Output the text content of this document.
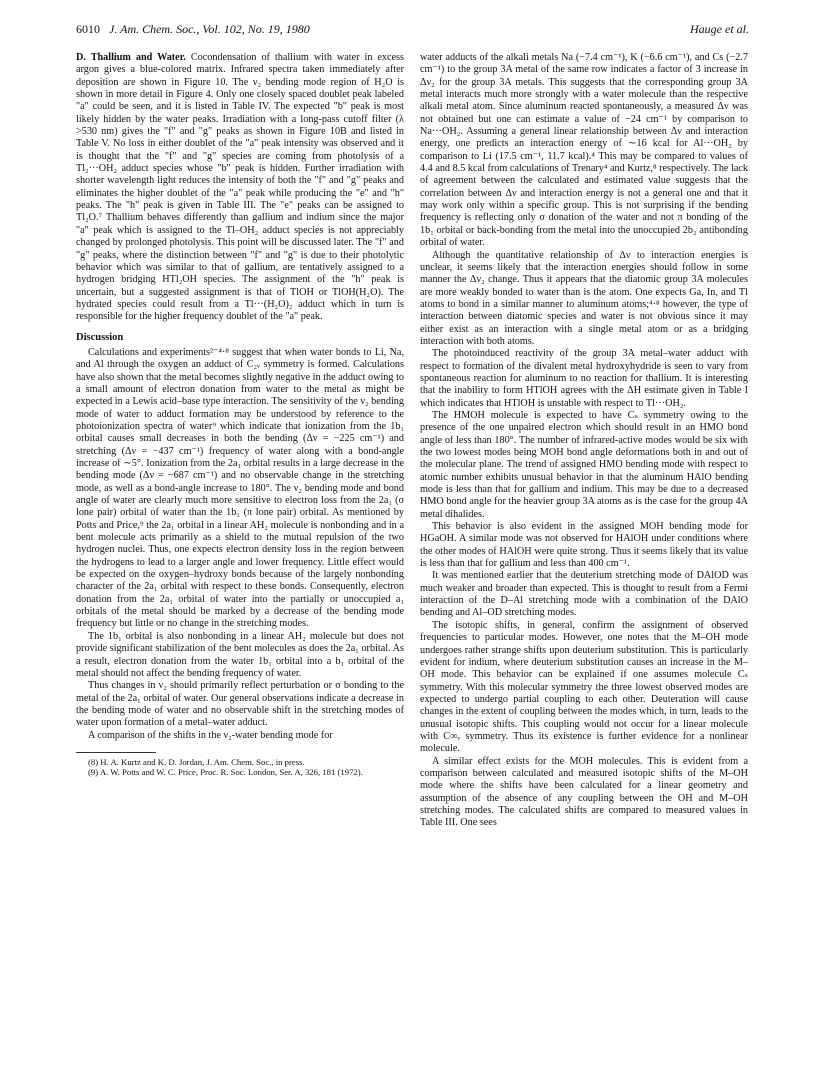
6010 J. Am. Chem. Soc., Vol. 102, No. 19, 1980	Hauge et al.

D. Thallium and Water. Cocondensation of thallium with water in excess argon gives a blue-colored matrix. Infrared spectra taken immediately after deposition are shown in Figure 10. The ν₂ bending mode region of H₂O is shown in more detail in Figure 4. Only one closely spaced doublet peak labeled "a" could be seen, and it is listed in Table IV. The expected "b" peak is most likely hidden by the water peaks. Irradiation with a long-pass cutoff filter (λ >530 nm) gives the "f" and "g" peaks as shown in Figure 10B and listed in Table V. No loss in either doublet of the "a" peak intensity was observed and it is thought that the "f" and "g" species are coming from photolysis of a Tl₂···OH₂ adduct species whose "b" peak is hidden. Further irradiation with shorter wavelength light reduces the intensity of both the "f" and "g" peaks and eliminates the higher doublet of the "a" peak while producing the "e" and "h" peaks. The "h" peak is given in Table III. The "e" peaks can be assigned to Tl₂O.⁷ Thallium behaves differently than gallium and indium since the major "a" peak which is assigned to the Tl–OH₂ adduct species is not appreciably changed by prolonged photolysis. This point will be discussed later. The "f" and "g" peaks, where the distinction between "f" and "g" is due to their photolytic behavior which was similar to that of gallium, are tentatively assigned to a hydrogen bridging HTl₂OH species. The assignment of the "h" peak is uncertain, but a suggested assignment is that of TlOH or TlOH(H₂O). The hydrated species could result from a Tl···(H₂O)₂ adduct which in turn is responsible for the higher frequency doublet of the "a" peak.

Discussion

Calculations and experiments²⁻⁴·⁸ suggest that when water bonds to Li, Na, and Al through the oxygen an adduct of C₂ᵥ symmetry is formed. Calculations have also shown that the metal becomes slightly negative in the adduct owing to a small amount of electron donation from water to the metal as might be expected in a Lewis acid–base type interaction. The sensitivity of the ν₂ bending mode of water to adduct formation may be understood by reference to the photoionization spectra of water⁹ which indicate that ionization from the 1b₁ orbital causes small decreases in both the bending (Δν = −225 cm⁻¹) and stretching (Δν = −437 cm⁻¹) frequency of water along with a bond-angle increase of ∼5°. Ionization from the 2a₁ orbital results in a large decrease in the bending mode (Δν = −687 cm⁻¹) and no observable change in the stretching mode, as well as a bond-angle increase to 180°. The ν₂ bending mode and bond angle of water are clearly much more sensitive to electron loss from the 2a₁ (σ lone pair) orbital of water than the 1b₁ (π lone pair) orbital. As mentioned by Potts and Price,⁹ the 2a₁ orbital in a linear AH₂ molecule is nonbonding and in a bent molecule acts primarily as a shield to the mutual repulsion of the two hydrogen nuclei. Thus, one expects electron density loss in the region between the hydrogens to lead to a larger angle and lower frequency. Little effect would be expected on the oxygen–hydroxy bonds because of the largely nonbonding character of the 2a₁ orbital with respect to these bonds. Consequently, electron donation from the 2a₁ orbital of water into the partially or unoccupied a₁ orbitals of the metal should be marked by a decrease of the bending mode frequency but little or no change in the stretching modes.

The 1b₁ orbital is also nonbonding in a linear AH₂ molecule but does not provide significant stabilization of the bent molecules as does the 2a₁ orbital. As a result, electron donation from the water 1b₁ orbital into a b₁ orbital of the metal should not affect the bending frequency of water.

Thus changes in ν₂ should primarily reflect perturbation or σ bonding to the metal of the 2a₁ orbital of water. Our general observations indicate a decrease in the bending mode of water and no observable shift in the stretching modes of water upon formation of a metal–water adduct.

A comparison of the shifts in the ν₂-water bending mode for

(8) H. A. Kurtz and K. D. Jordan, J. Am. Chem. Soc., in press.

(9) A. W. Potts and W. C. Price, Proc. R. Soc. London, Ser. A, 326, 181 (1972).

water adducts of the alkali metals Na (−7.4 cm⁻¹), K (−6.6 cm⁻¹), and Cs (−2.7 cm⁻¹) to the group 3A metal of the same row indicates a factor of 3 increase in Δν₂ for the group 3A metals. This suggests that the corresponding group 3A metal interacts much more strongly with a water molecule than the respective alkali metal atom. Since aluminum reacted spontaneously, a measured Δν was not obtained but one can estimate a value of −24 cm⁻¹ by comparison to Na···OH₂. Assuming a general linear relationship between Δν and interaction energy, one predicts an interaction energy of ∼16 kcal for Al···OH₂ by comparison to Li (17.5 cm⁻¹, 11.7 kcal).⁴ This may be compared to values of 4.4 and 8.5 kcal from calculations of Trenary⁴ and Kurtz,⁸ respectively. The lack of agreement between the calculated and estimated value suggests that the correlation between Δν and interaction energy is not a general one and that it may work only within a specific group. This is not surprising if the bending frequency is reflecting only σ donation of the water and not π bonding of the 1b₁ orbital or back-bonding from the metal into the unoccupied 2b₂ antibonding orbital of water.

Although the quantitative relationship of Δν to interaction energies is unclear, it seems likely that the interaction energies should follow in some manner the Δν₂ change. Thus it appears that the diatomic group 3A molecules are more weakly bonded to water than is the atom. One expects Ga, In, and Tl atoms to bond in a similar manner to aluminum atoms;⁴·⁸ however, the type of interaction between diatomic species and water is not obvious since it may either exist as an interaction with a single metal atom or as a bridging interaction with both atoms.

The photoinduced reactivity of the group 3A metal–water adduct with respect to formation of the divalent metal hydroxyhydride is seen to vary from spontaneous reaction for aluminum to no reaction for thallium. It is interesting that the inability to form HTlOH agrees with the ΔH estimate given in Table I which indicates that HTlOH is unstable with respect to Tl···OH₂.

The HMOH molecule is expected to have Cₛ symmetry owing to the presence of the one unpaired electron which should result in an HMO bond angle of less than 180°. The number of infrared-active modes would be six with the two lowest modes being MOH bond angle deformations both in and out of the molecular plane. The trend of assigned HMO bending mode with respect to atomic number exhibits unusual behavior in that the aluminum HAlO bending mode is less than that for gallium and indium. This may be due to a decreased HMO bond angle for the heavier group 3A atoms as is the case for the group 4A metal dihalides.

This behavior is also evident in the assigned MOH bending mode for HGaOH. A similar mode was not observed for HAlOH under conditions where the other modes of HAlOH were quite strong. Thus it seems likely that its value is less than that for gallium and less than 400 cm⁻¹.

It was mentioned earlier that the deuterium stretching mode of DAlOD was much weaker and broader than expected. This is thought to result from a Fermi interaction of the D–Al stretching mode with a combination of the DAlO bending and Al–OD stretching modes.

The isotopic shifts, in general, confirm the assignment of observed frequencies to particular modes. However, one notes that the M–OH mode undergoes rather strange shifts upon deuterium substitution. This is particularly evident for indium, where deuterium substitution causes an increase in the M–OH mode. This behavior can be explained if one assumes molecule Cₛ symmetry. With this molecular symmetry the three lowest observed modes are expected to undergo partial coupling to each other. Deuteration will cause changes in the extent of coupling between the modes which, in turn, leads to the unusual isotopic shifts. This coupling would not occur for a linear molecule with C∞ᵥ symmetry. Thus its existence is further evidence for a nonlinear molecule.

A similar effect exists for the MOH molecules. This is evident from a comparison between calculated and measured isotopic shifts of the M–OH mode where the shifts have been calculated for a linear geometry and assumption of the absence of any coupling between the OH and M–OH stretching modes. The calculated shifts are compared to measured values in Table III. One sees
